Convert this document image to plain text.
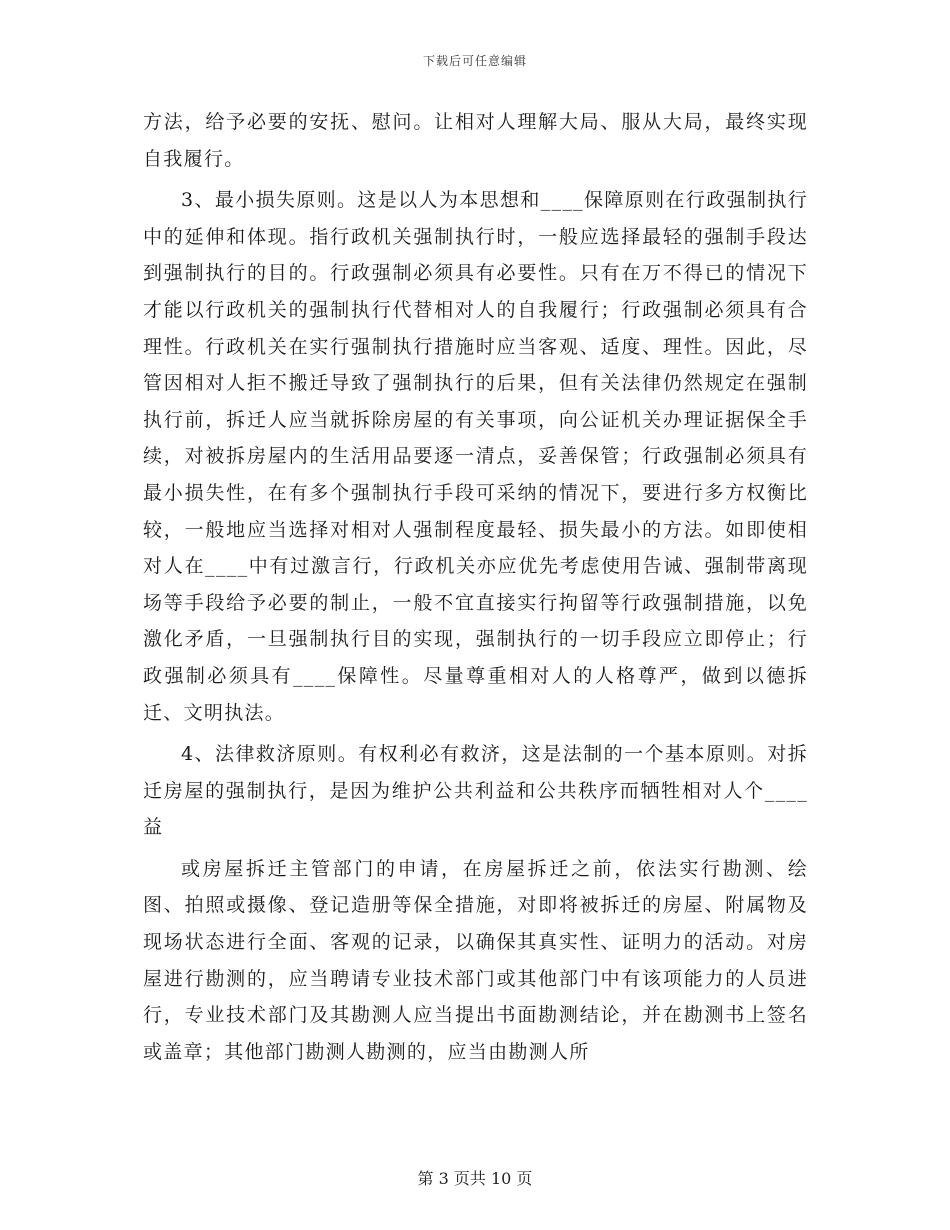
下载后可任意编辑

方法，给予必要的安抚、慰问。让相对人理解大局、服从大局，最终实现自我履行。

3、最小损失原则。这是以人为本思想和____保障原则在行政强制执行中的延伸和体现。指行政机关强制执行时，一般应选择最轻的强制手段达到强制执行的目的。行政强制必须具有必要性。只有在万不得已的情况下才能以行政机关的强制执行代替相对人的自我履行；行政强制必须具有合理性。行政机关在实行强制执行措施时应当客观、适度、理性。因此，尽管因相对人拒不搬迁导致了强制执行的后果，但有关法律仍然规定在强制执行前，拆迁人应当就拆除房屋的有关事项，向公证机关办理证据保全手续，对被拆房屋内的生活用品要逐一清点，妥善保管；行政强制必须具有最小损失性，在有多个强制执行手段可采纳的情况下，要进行多方权衡比较，一般地应当选择对相对人强制程度最轻、损失最小的方法。如即使相对人在____中有过激言行，行政机关亦应优先考虑使用告诫、强制带离现场等手段给予必要的制止，一般不宜直接实行拘留等行政强制措施，以免激化矛盾，一旦强制执行目的实现，强制执行的一切手段应立即停止；行政强制必须具有____保障性。尽量尊重相对人的人格尊严，做到以德拆迁、文明执法。

4、法律救济原则。有权利必有救济，这是法制的一个基本原则。对拆迁房屋的强制执行，是因为维护公共利益和公共秩序而牺牲相对人个____益

或房屋拆迁主管部门的申请，在房屋拆迁之前，依法实行勘测、绘图、拍照或摄像、登记造册等保全措施，对即将被拆迁的房屋、附属物及现场状态进行全面、客观的记录，以确保其真实性、证明力的活动。对房屋进行勘测的，应当聘请专业技术部门或其他部门中有该项能力的人员进行，专业技术部门及其勘测人应当提出书面勘测结论，并在勘测书上签名或盖章；其他部门勘测人勘测的，应当由勘测人所

第 3 页共 10 页
